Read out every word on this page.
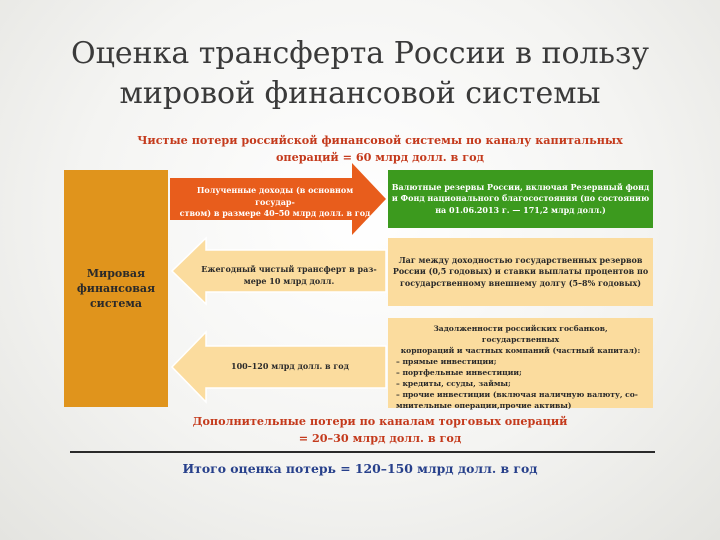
Оценка трансферта России в пользу
мировой финансовой системы
Чистые потери российской финансовой системы по каналу капитальных
операций = 60 млрд долл. в год
Мировая
финансовая
система
Полученные доходы (в основном государ-
ством) в размере 40–50 млрд долл. в год
Ежегодный чистый трансферт в раз-
мере 10 млрд долл.
100–120 млрд долл. в год
Валютные резервы России, включая Резервный фонд
и Фонд национального благосостояния (по состоянию
на 01.06.2013 г. — 171,2 млрд долл.)
Лаг между доходностью государственных резервов
России (0,5 годовых) и ставки выплаты процентов по
государственному внешнему долгу (5–8% годовых)
Задолженности российских госбанков, государственных
корпораций и частных компаний (частный капитал):
– прямые инвестиции;
– портфельные инвестиции;
– кредиты, ссуды, займы;
– прочие инвестиции (включая наличную валюту, со-
мнительные операции,прочие активы)
Дополнительные потери по каналам торговых операций
= 20–30 млрд долл. в год
Итого оценка потерь = 120–150 млрд долл. в год
